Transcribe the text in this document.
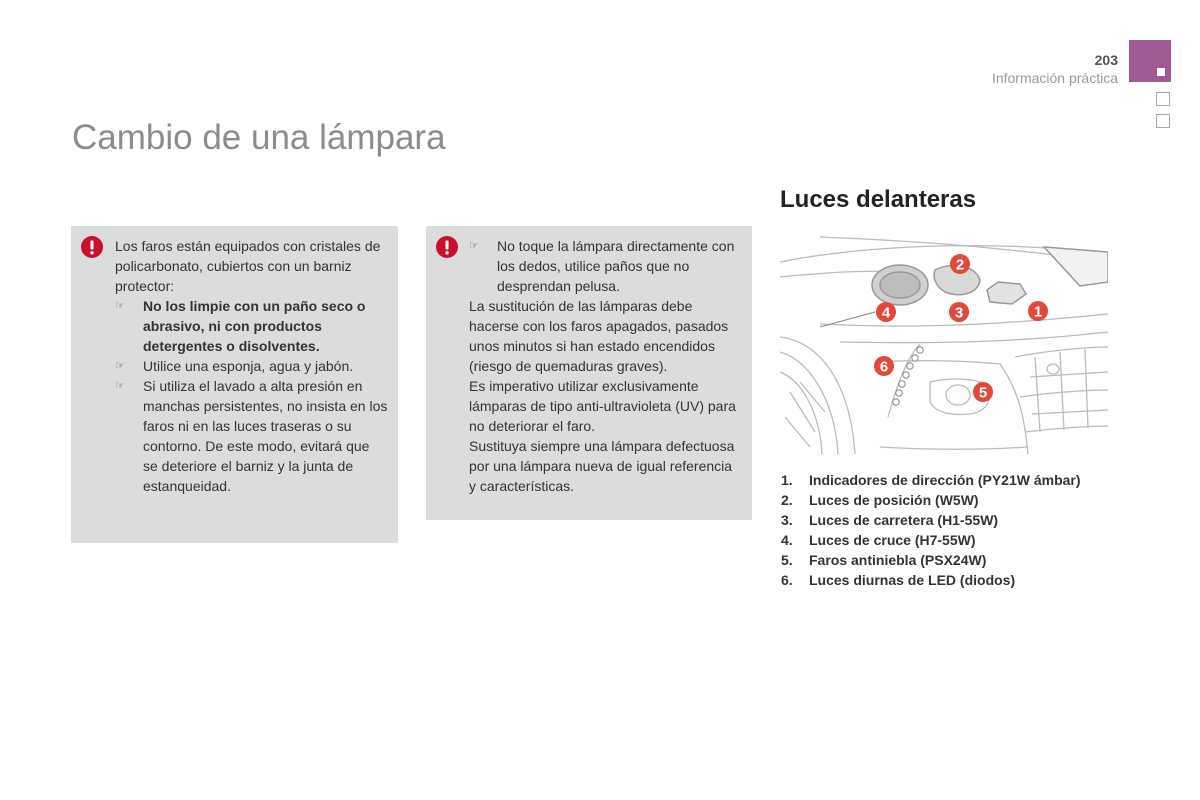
203
Información práctica
Cambio de una lámpara

Los faros están equipados con cristales de policarbonato, cubiertos con un barniz protector:

☞	No los limpie con un paño seco o abrasivo, ni con productos detergentes o disolventes.
☞	Utilice una esponja, agua y jabón.
☞	Si utiliza el lavado a alta presión en manchas persistentes, no insista en los faros ni en las luces traseras o su contorno. De este modo, evitará que se deteriore el barniz y la junta de estanqueidad.
☞	No toque la lámpara directamente con los dedos, utilice paños que no desprendan pelusa.

La sustitución de las lámparas debe hacerse con los faros apagados, pasados unos minutos si han estado encendidos (riesgo de quemaduras graves).

Es imperativo utilizar exclusivamente lámparas de tipo anti-ultravioleta (UV) para no deteriorar el faro.

Sustituya siempre una lámpara defectuosa por una lámpara nueva de igual referencia y características.

Luces delanteras
1
2
3
4
5
6
1. Indicadores de dirección (PY21W ámbar)
2. Luces de posición (W5W)
3. Luces de carretera (H1-55W)
4. Luces de cruce (H7-55W)
5. Faros antiniebla (PSX24W)
6. Luces diurnas de LED (diodos)
